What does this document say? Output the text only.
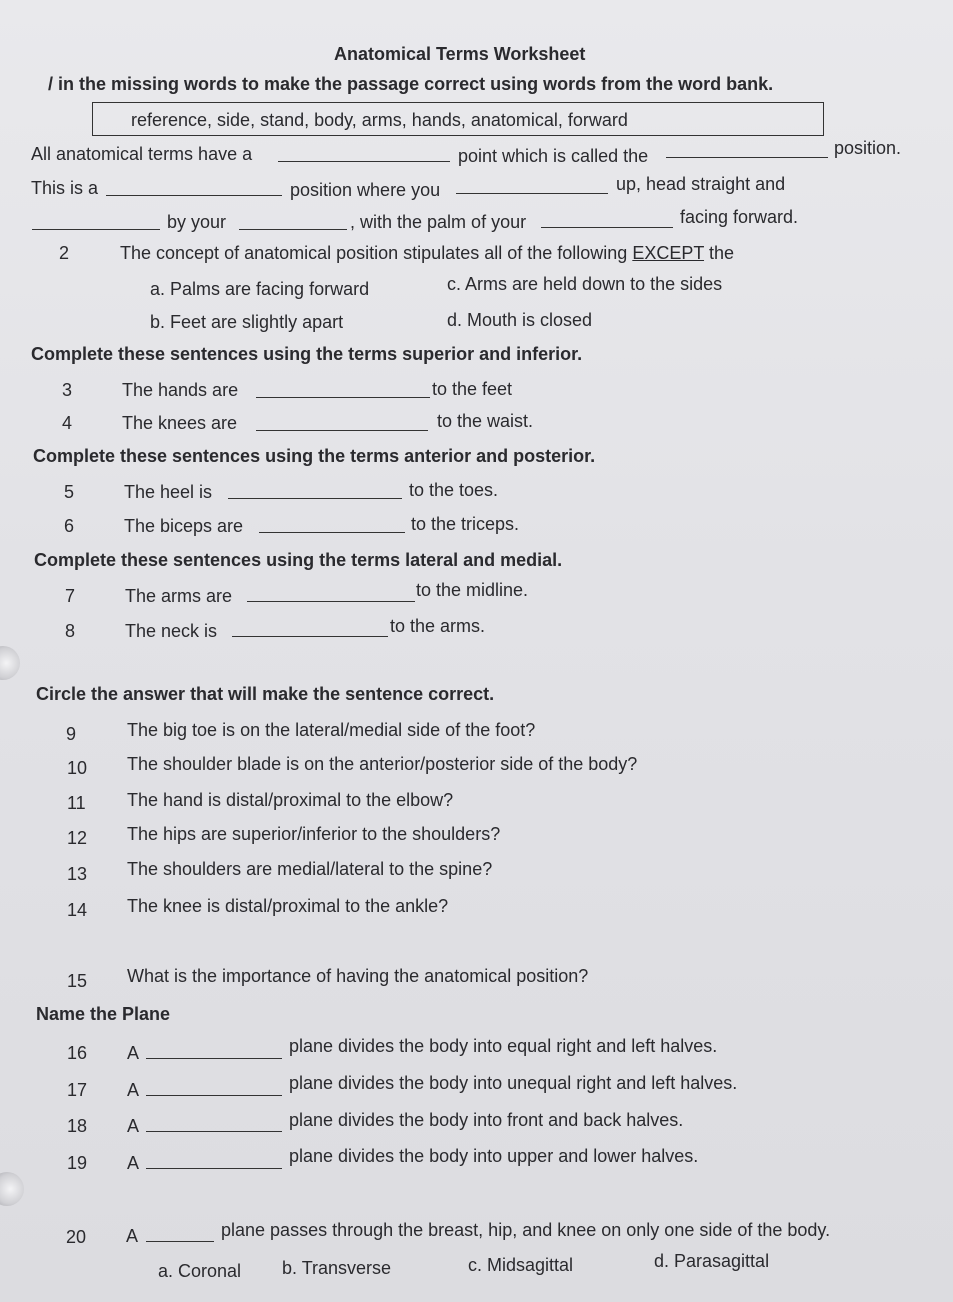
Anatomical Terms Worksheet
/ in the missing words to make the passage correct using words from the word bank.
reference, side, stand, body, arms, hands, anatomical, forward
All anatomical terms have a	point which is called the	position.
This is a	position where you	up, head straight and
by your	, with the palm of your	facing forward.
2	The concept of anatomical position stipulates all of the following EXCEPT the
a. Palms are facing forward	c. Arms are held down to the sides
b. Feet are slightly apart	d. Mouth is closed
Complete these sentences using the terms superior and inferior.
3	The hands are	to the feet
4	The knees are	to the waist.
Complete these sentences using the terms anterior and posterior.
5	The heel is	to the toes.
6	The biceps are	to the triceps.
Complete these sentences using the terms lateral and medial.
7	The arms are	to the midline.
8	The neck is	to the arms.
Circle the answer that will make the sentence correct.
9	The big toe is on the lateral/medial side of the foot?
10 The shoulder blade is on the anterior/posterior side of the body?
11 The hand is distal/proximal to the elbow?
12 The hips are superior/inferior to the shoulders?
13 The shoulders are medial/lateral to the spine?
14 The knee is distal/proximal to the ankle?
15 What is the importance of having the anatomical position?
Name the Plane
16 A	plane divides the body into equal right and left halves.
17 A	plane divides the body into unequal right and left halves.
18 A	plane divides the body into front and back halves.
19 A	plane divides the body into upper and lower halves.
20 A	plane passes through the breast, hip, and knee on only one side of the body.
a. Coronal b. Transverse	c. Midsagittal	d. Parasagittal
